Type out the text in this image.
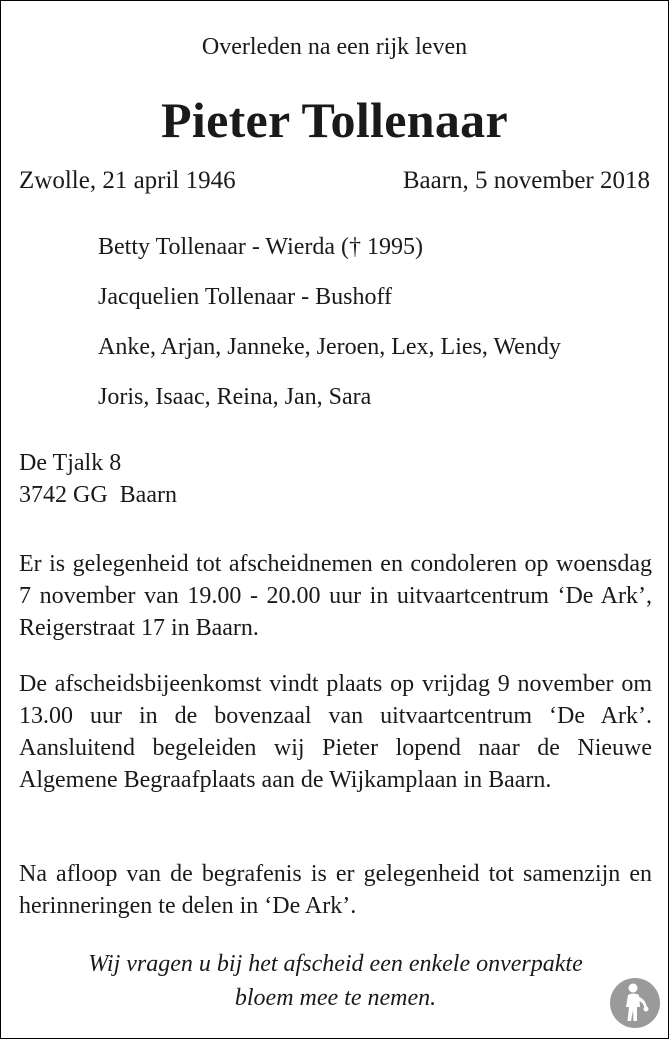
Overleden na een rijk leven
Pieter Tollenaar
Zwolle, 21 april 1946	Baarn, 5 november 2018
Betty Tollenaar - Wierda († 1995)
Jacquelien Tollenaar - Bushoff
Anke, Arjan, Janneke, Jeroen, Lex, Lies, Wendy
Joris, Isaac, Reina, Jan, Sara
De Tjalk 8
3742 GG  Baarn
Er is gelegenheid tot afscheidnemen en condoleren op woensdag 7 november van 19.00 - 20.00 uur in uitvaartcentrum ‘De Ark’, Reigerstraat 17 in Baarn.
De afscheidsbijeenkomst vindt plaats op vrijdag 9 november om 13.00 uur in de bovenzaal van uitvaartcentrum ‘De Ark’. Aansluitend begeleiden wij Pieter lopend naar de Nieuwe Algemene Begraafplaats aan de Wijkamplaan in Baarn.
Na afloop van de begrafenis is er gelegenheid tot samenzijn en herinneringen te delen in ‘De Ark’.
Wij vragen u bij het afscheid een enkele onverpakte
bloem mee te nemen.
